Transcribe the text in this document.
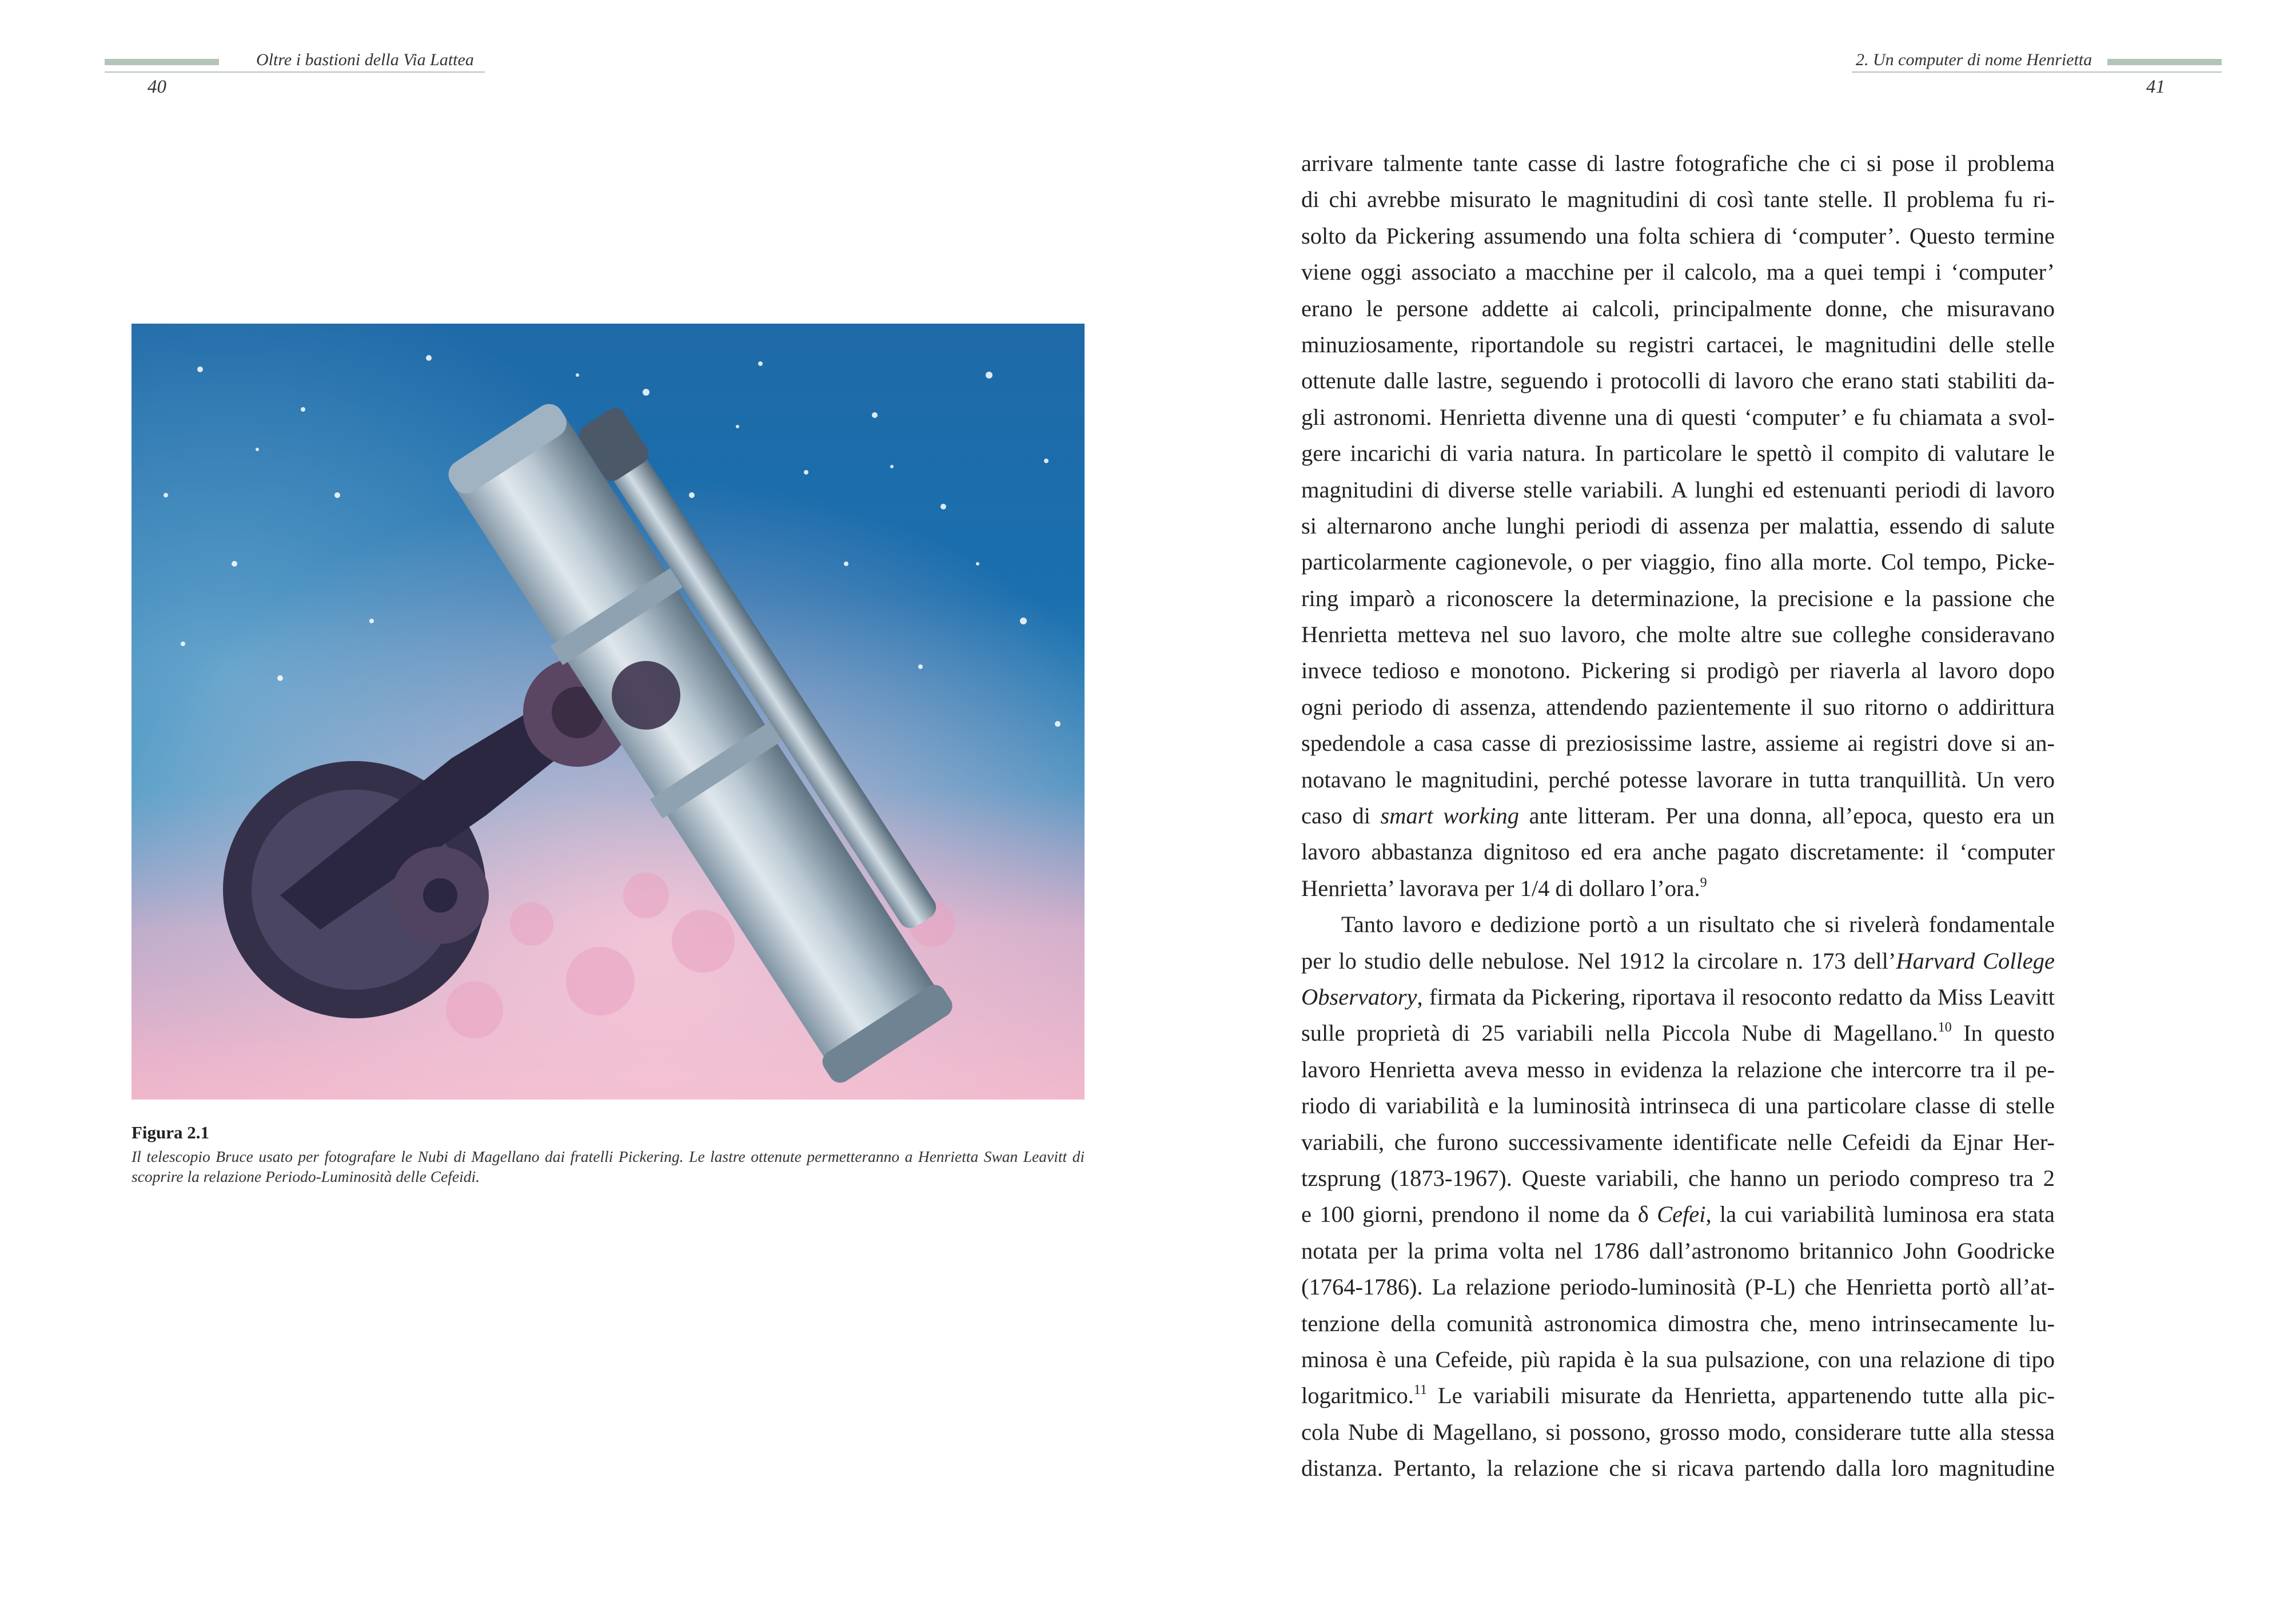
Oltre i bastioni della Via Lattea
40
Figura 2.1
Il telescopio Bruce usato per fotografare le Nubi di Magellano dai fratelli Pickering. Le lastre ottenute permetteranno a Henrietta Swan Leavitt di scoprire la relazione Periodo-Luminosità delle Cefeidi.
2. Un computer di nome Henrietta
41
arrivare talmente tante casse di lastre fotografiche che ci si pose il problema
di chi avrebbe misurato le magnitudini di così tante stelle. Il problema fu ri-
solto da Pickering assumendo una folta schiera di ‘computer’. Questo termine
viene oggi associato a macchine per il calcolo, ma a quei tempi i ‘computer’
erano le persone addette ai calcoli, principalmente donne, che misuravano
minuziosamente, riportandole su registri cartacei, le magnitudini delle stelle
ottenute dalle lastre, seguendo i protocolli di lavoro che erano stati stabiliti da-
gli astronomi. Henrietta divenne una di questi ‘computer’ e fu chiamata a svol-
gere incarichi di varia natura. In particolare le spettò il compito di valutare le
magnitudini di diverse stelle variabili. A lunghi ed estenuanti periodi di lavoro
si alternarono anche lunghi periodi di assenza per malattia, essendo di salute
particolarmente cagionevole, o per viaggio, fino alla morte. Col tempo, Picke-
ring imparò a riconoscere la determinazione, la precisione e la passione che
Henrietta metteva nel suo lavoro, che molte altre sue colleghe consideravano
invece tedioso e monotono. Pickering si prodigò per riaverla al lavoro dopo
ogni periodo di assenza, attendendo pazientemente il suo ritorno o addirittura
spedendole a casa casse di preziosissime lastre, assieme ai registri dove si an-
notavano le magnitudini, perché potesse lavorare in tutta tranquillità. Un vero
caso di smart working ante litteram. Per una donna, all’epoca, questo era un
lavoro abbastanza dignitoso ed era anche pagato discretamente: il ‘computer
Henrietta’ lavorava per 1/4 di dollaro l’ora.$^9$
Tanto lavoro e dedizione portò a un risultato che si rivelerà fondamentale
per lo studio delle nebulose. Nel 1912 la circolare n. 173 dell’Harvard College
Observatory, firmata da Pickering, riportava il resoconto redatto da Miss Leavitt
sulle proprietà di 25 variabili nella Piccola Nube di Magellano.$^{10}$ In questo
lavoro Henrietta aveva messo in evidenza la relazione che intercorre tra il pe-
riodo di variabilità e la luminosità intrinseca di una particolare classe di stelle
variabili, che furono successivamente identificate nelle Cefeidi da Ejnar Her-
tzsprung (1873-1967). Queste variabili, che hanno un periodo compreso tra 2
e 100 giorni, prendono il nome da δ Cefei, la cui variabilità luminosa era stata
notata per la prima volta nel 1786 dall’astronomo britannico John Goodricke
(1764-1786). La relazione periodo-luminosità (P-L) che Henrietta portò all’at-
tenzione della comunità astronomica dimostra che, meno intrinsecamente lu-
minosa è una Cefeide, più rapida è la sua pulsazione, con una relazione di tipo
logaritmico.$^{11}$ Le variabili misurate da Henrietta, appartenendo tutte alla pic-
cola Nube di Magellano, si possono, grosso modo, considerare tutte alla stessa
distanza. Pertanto, la relazione che si ricava partendo dalla loro magnitudine
